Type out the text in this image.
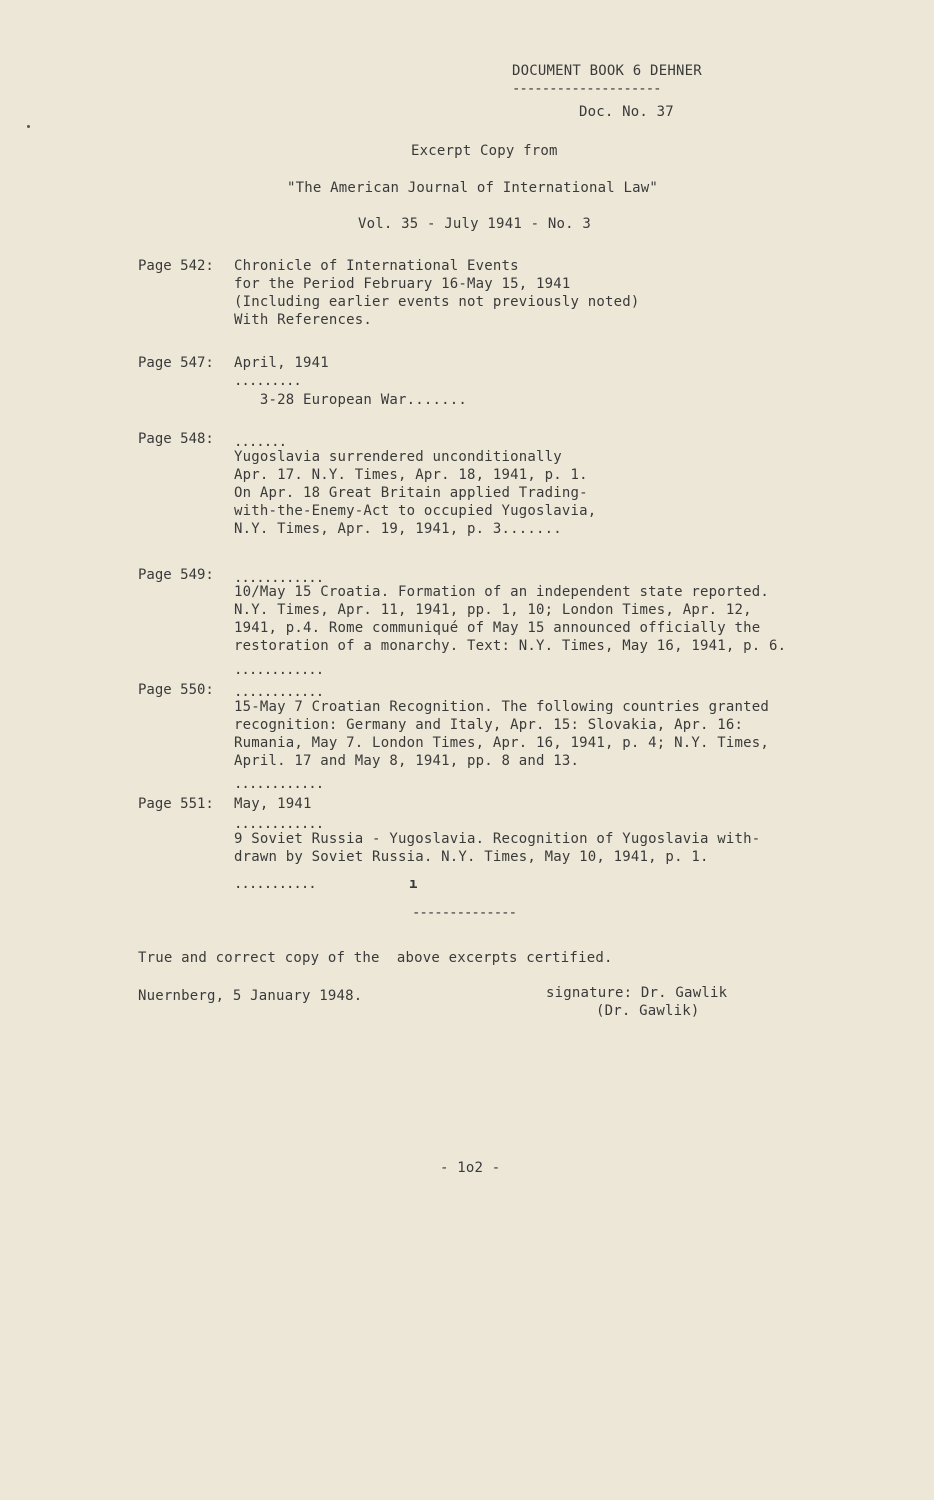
DOCUMENT BOOK 6 DEHNER
--------------------
Doc. No. 37
Excerpt Copy from
"The American Journal of International Law"
Vol. 35 - July 1941 - No. 3
Page 542: Chronicle of International Events
for the Period February 16-May 15, 1941
(Including earlier events not previously noted)
With References.
Page 547: April, 1941
.........
3-28 European War.......
Page 548: .......
Yugoslavia surrendered unconditionally
Apr. 17. N.Y. Times, Apr. 18, 1941, p. 1.
On Apr. 18 Great Britain applied Trading-
with-the-Enemy-Act to occupied Yugoslavia,
N.Y. Times, Apr. 19, 1941, p. 3.......
Page 549: ............
10/May 15 Croatia. Formation of an independent state reported.
N.Y. Times, Apr. 11, 1941, pp. 1, 10; London Times, Apr. 12,
1941, p.4. Rome communiqué of May 15 announced officially the
restoration of a monarchy. Text: N.Y. Times, May 16, 1941, p. 6.
............
Page 550: ............
15-May 7 Croatian Recognition. The following countries granted
recognition: Germany and Italy, Apr. 15: Slovakia, Apr. 16:
Rumania, May 7. London Times, Apr. 16, 1941, p. 4; N.Y. Times,
April. 17 and May 8, 1941, pp. 8 and 13.
............
Page 551: May, 1941
............
9 Soviet Russia - Yugoslavia. Recognition of Yugoslavia with-
drawn by Soviet Russia. N.Y. Times, May 10, 1941, p. 1.
...........	ı
--------------
True and correct copy of the  above excerpts certified.
Nuernberg, 5 January 1948.	signature: Dr. Gawlik
(Dr. Gawlik)
- 1o2 -
